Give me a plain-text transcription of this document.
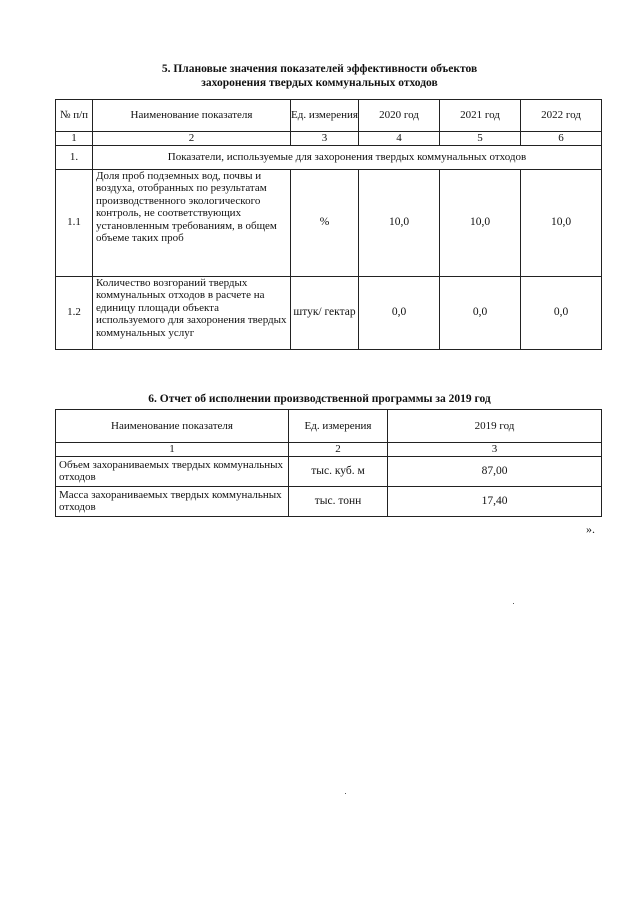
5. Плановые значения показателей эффективности объектов
захоронения твердых коммунальных отходов
№ п/п	Наименование показателя	Ед. измерения	2020 год	2021 год	2022 год
1	2	3	4	5	6
1.	Показатели, используемые для захоронения твердых коммунальных отходов				
1.1	Доля проб подземных вод, почвы и воздуха, отобранных по результатам производственного экологического контроль, не соответствующих установленным требованиям, в общем объеме таких проб	%	10,0	10,0	10,0
1.2	Количество возгораний твердых коммунальных отходов в расчете на единицу площади объекта используемого для захоронения твердых коммунальных услуг	штук/ гектар	0,0	0,0	0,0
6. Отчет об исполнении производственной программы за 2019 год
Наименование показателя	Ед. измерения	2019 год
1	2	3
Объем захораниваемых твердых коммунальных отходов	тыс. куб. м	87,00
Масса захораниваемых твердых коммунальных отходов	тыс. тонн	17,40
».
